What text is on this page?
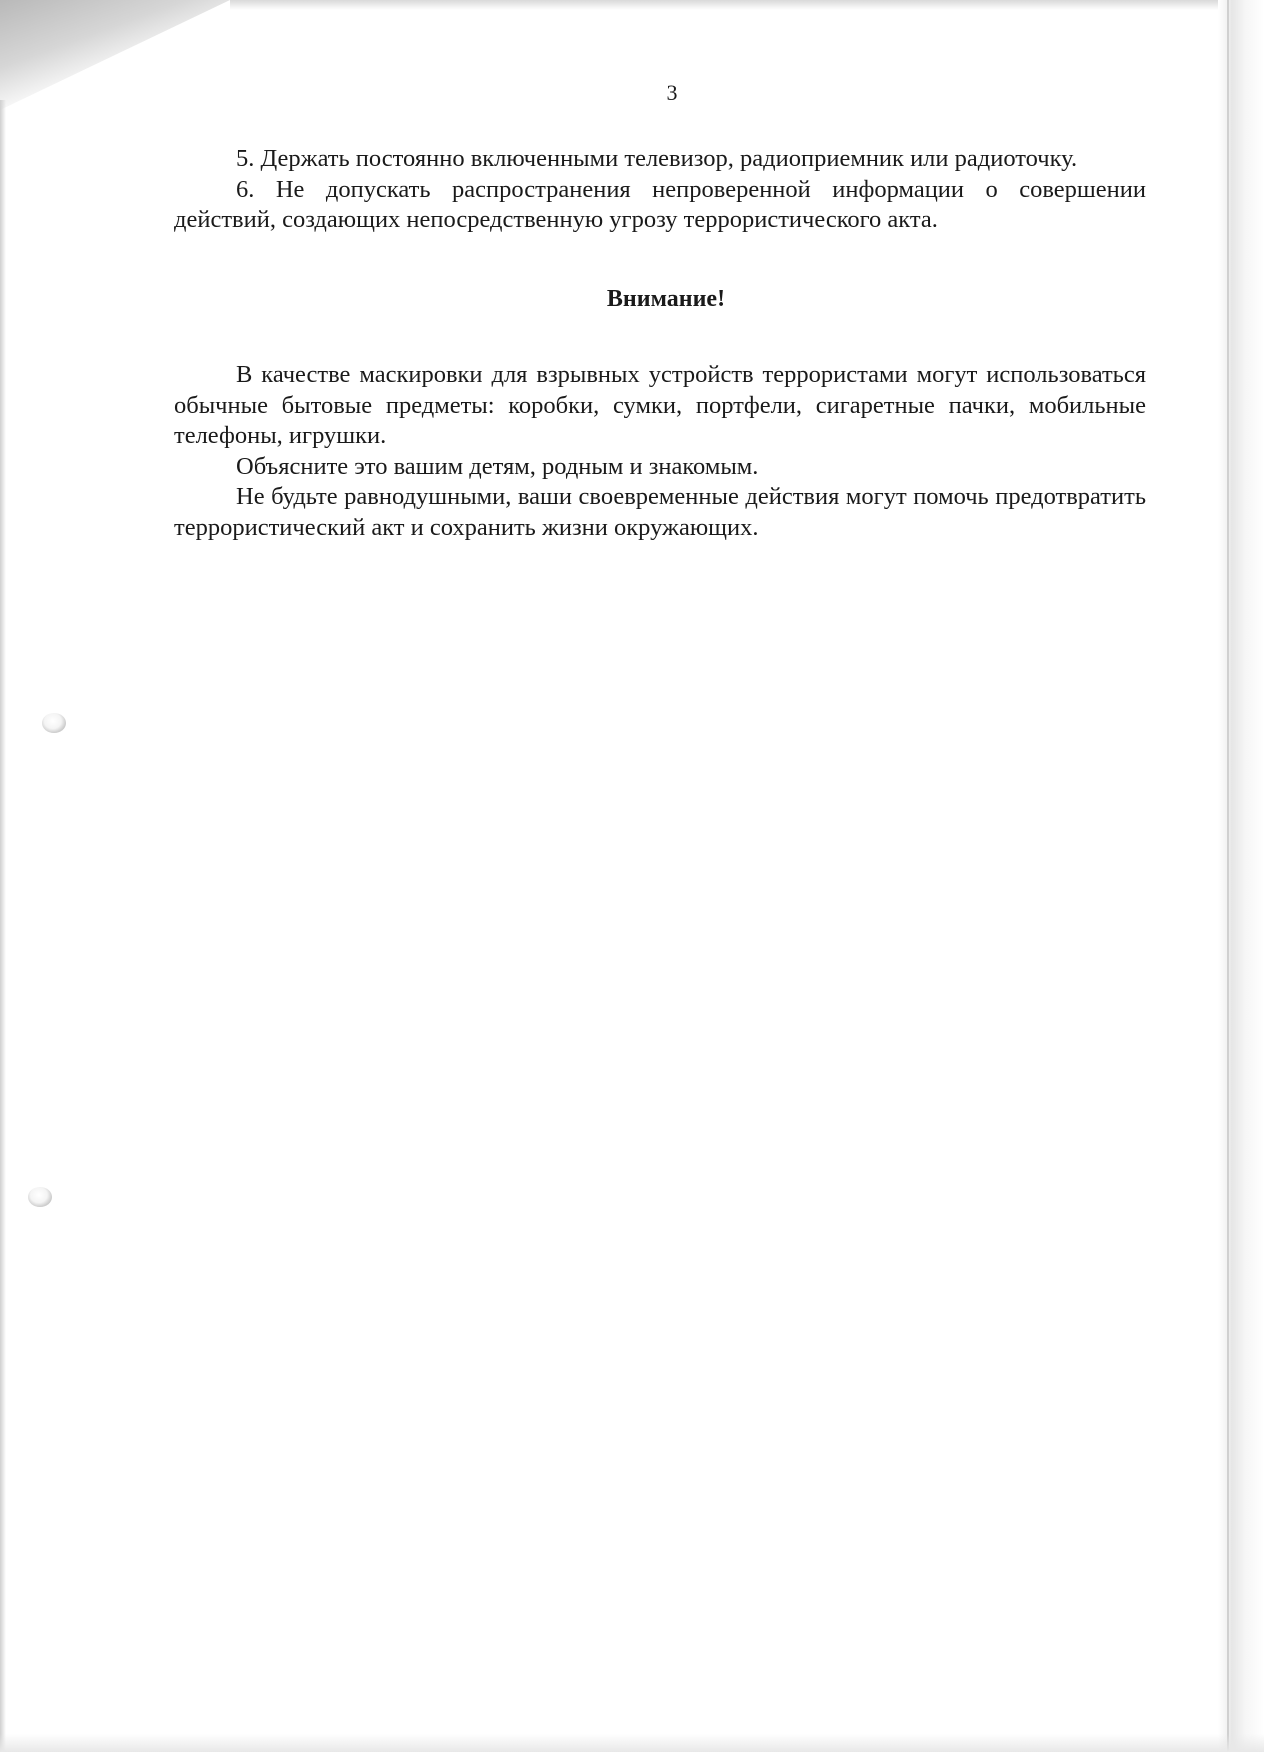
3

5. Держать постоянно включенными телевизор, радиоприемник или радиоточку.

6. Не допускать распространения непроверенной информации о совершении действий, создающих непосредственную угрозу террористического акта.

Внимание!

В качестве маскировки для взрывных устройств террористами могут использоваться обычные бытовые предметы: коробки, сумки, портфели, сигаретные пачки, мобильные телефоны, игрушки.

Объясните это вашим детям, родным и знакомым.

Не будьте равнодушными, ваши своевременные действия могут помочь предотвратить террористический акт и сохранить жизни окружающих.
